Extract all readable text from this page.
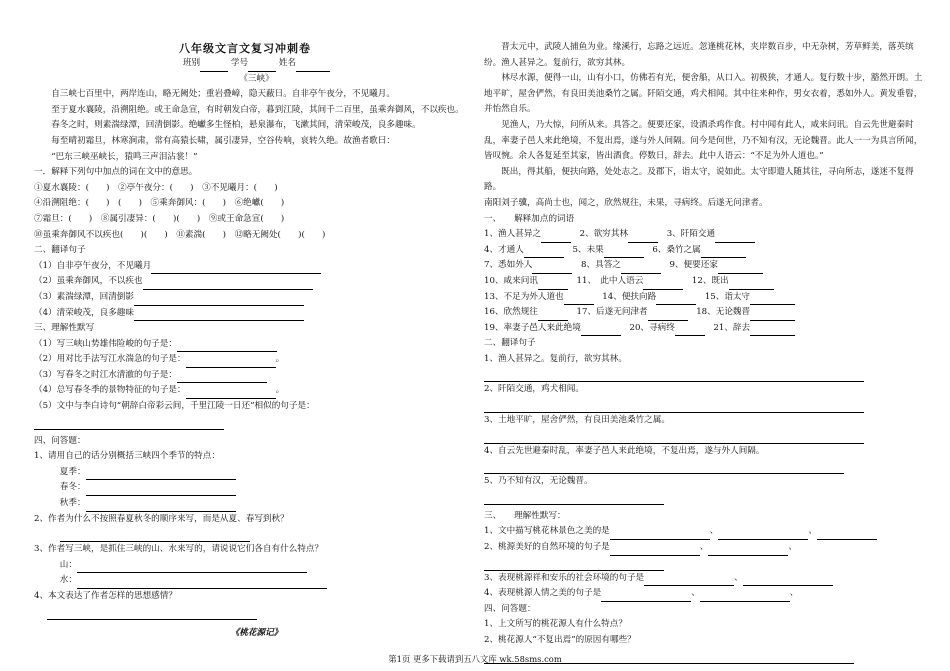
八年级文言文复习冲刺卷
班别	学号	姓名
《三峡》

自三峡七百里中，两岸连山，略无阙处；重岩叠嶂，隐天蔽日。自非亭午夜分，不见曦月。

至于夏水襄陵，沿溯阻绝。或王命急宣，有时朝发白帝，暮到江陵，其间千二百里，虽乘奔御风，不以疾也。

春冬之时，则素湍绿潭，回清倒影。绝巘多生怪柏，悬泉瀑布，飞漱其间，清荣峻茂，良多趣味。

每至晴初霜旦，林寒涧肃，常有高猿长啸，属引凄异，空谷传响，哀转久绝。故渔者歌曰：

“巴东三峡巫峡长，猿鸣三声泪沾裳！”

一．解释下列句中加点的词在文中的意思。

①夏水襄陵：(　　)　②亭午夜分：(　　)　③不见曦月：(　　)

④沿溯阻绝：(　　)　(　　)　⑤乘奔御风：(　　)　⑥绝巘(　　)

⑦霜旦：(　　)　⑧属引凄异：(　　)(　　)　⑨或王命急宣(　　)

⑩虽乘奔御风不以疾也(　　)(　　)　⑪素湍(　　)　⑫略无阙处(　　)(　　)

二、翻译句子

（1）自非亭午夜分，不见曦月

（2）虽乘奔御风，不以疾也

（3）素湍绿潭，回清倒影

（4）清荣峻茂，良多趣味

三、理解性默写

（1）写三峡山势雄伟险峻的句子是：

（2）用对比手法写江水湍急的句子是：	。

（3）写春冬之时江水清澈的句子是：

（4）总写春冬季的景物特征的句子是：	。

（5）文中与李白诗句“朝辞白帝彩云间，千里江陵一日还”相似的句子是：

四、问答题：

1、请用自己的话分别概括三峡四个季节的特点：

夏季：

春冬：

秋季：

2、作者为什么不按照春夏秋冬的顺序来写，而是从夏、春写到秋？

3、作者写三峡，是抓住三峡的山、水来写的，请说说它们各自有什么特点？

山：

水：

4、本文表达了作者怎样的思想感情？

《桃花源记》

晋太元中，武陵人捕鱼为业。缘溪行，忘路之远近。忽逢桃花林，夹岸数百步，中无杂树，芳草鲜美，落英缤纷。渔人甚异之。复前行，欲穷其林。

林尽水源，便得一山，山有小口，仿佛若有光，便舍船，从口入。初极狭，才通人。复行数十步，豁然开朗。土地平旷，屋舍俨然，有良田美池桑竹之属。阡陌交通，鸡犬相闻。其中往来种作，男女衣着，悉如外人。黄发垂髫，并怡然自乐。

见渔人，乃大惊，问所从来。具答之。便要还家，设酒杀鸡作食。村中闻有此人，咸来问讯。自云先世避秦时乱，率妻子邑人来此绝境，不复出焉，遂与外人间隔。问今是何世，乃不知有汉，无论魏晋。此人一一为具言所闻，皆叹惋。余人各复延至其家，皆出酒食。停数日，辞去。此中人语云：“不足为外人道也。”

既出，得其船，便扶向路，处处志之。及郡下，诣太守，说如此。太守即遣人随其往，寻向所志，遂迷不复得路。

南阳刘子骥，高尚士也，闻之，欣然规往，未果，寻病终。后遂无问津者。

一、　　解释加点的词语

1、渔人甚异之　	2、欲穷其林　	3、阡陌交通

4、才通人　	5、未果　	6、桑竹之属

7、悉如外人　	8、具答之　	9、便要还家

10、咸来问讯　	11、　此中人语云　	12、既出

13、不足为外人道也　	14、便扶向路　	15、诣太守

16、欣然规往　	17、后遂无问津者　	18、无论魏晋

19、率妻子邑人来此绝境　	20、寻病终　	21、辞去

二、翻译句子

1、渔人甚异之。复前行，欲穷其林。

2、阡陌交通，鸡犬相闻。

3、土地平旷，屋舍俨然，有良田美池桑竹之属。

4、自云先世避秦时乱，率妻子邑人来此绝境，不复出焉，遂与外人间隔。

5、乃不知有汉，无论魏晋。

三、　　理解性默写：

1、文中描写桃花林景色之美的是	、	、

2、桃源美好的自然环境的句子是	、	、

3、表现桃源祥和安乐的社会环境的句子是	、

4、表现桃源人情之美的句子是	、	、

四、问答题：

1、上文所写的桃花源人有什么特点？

2、桃花源人“不复出焉”的原因有哪些？

第1页 更多下载请到五八文库 wk.58sms.com
